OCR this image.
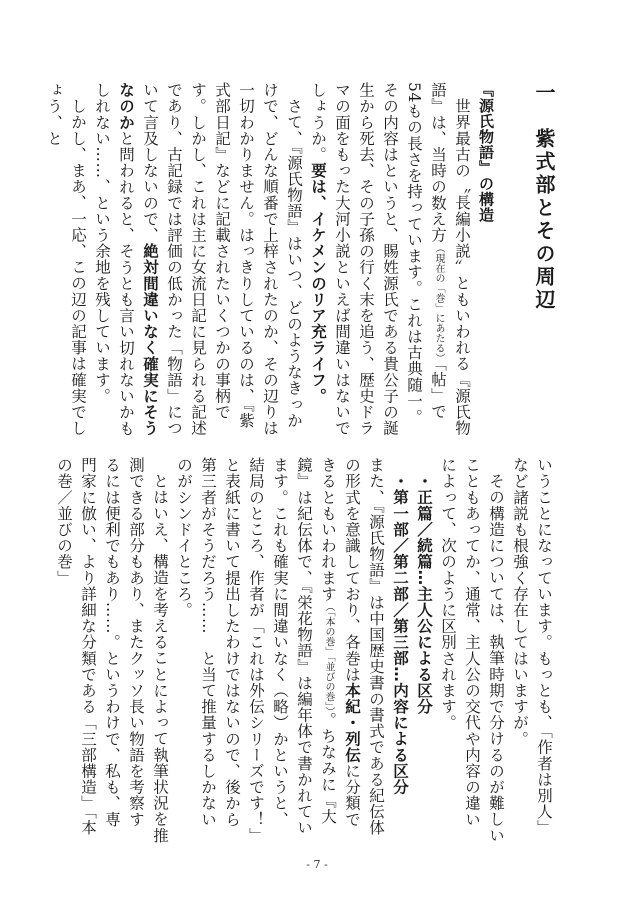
一　紫式部とその周辺

『源氏物語』の構造

世界最古の〝長編小説〟ともいわれる『源氏物語』は、当時の数え方（現在の「巻」にあたる）「帖」で54もの長さを持っています。これは古典随一。その内容はというと、賜姓源氏である貴公子の誕生から死去、その子孫の行く末を追う、歴史ドラマの面をもった大河小説といえば間違いはないでしょうか。要は、イケメンのリア充ライフ。

さて、『源氏物語』はいつ、どのようなきっかけで、どんな順番で上梓されたのか、その辺りは一切わかりません。はっきりしているのは、『紫式部日記』などに記載されたいくつかの事柄です。しかし、これは主に女流日記に見られる記述であり、古記録では評価の低かった「物語」について言及しないので、絶対間違いなく確実にそうなのかと問われると、そうとも言い切れないかもしれない……、という余地を残しています。

しかし、まあ、一応、この辺の記事は確実でしょう、と

いうことになっています。もっとも、「作者は別人」など諸説も根強く存在してはいますが。

その構造については、執筆時期で分けるのが難しいこともあってか、通常、主人公の交代や内容の違いによって、次のように区別されます。

・正篇／続篇…主人公による区分

・第一部／第二部／第三部…内容による区分

また、『源氏物語』は中国歴史書の書式である紀伝体の形式を意識しており、各巻は本紀・列伝に分類できるともいわれます（「本の巻」「並びの巻」）。ちなみに『大鏡』は紀伝体で、『栄花物語』は編年体で書かれています。これも確実に間違いなく（略）かというと、結局のところ、作者が「これは外伝シリーズです！」と表紙に書いて提出したわけではないので、後から第三者がそうだろう……　と当て推量するしかないのがシンドイところ。

とはいえ、構造を考えることによって執筆状況を推測できる部分もあり、またクッソ長い物語を考察するには便利でもあり……。というわけで、私も、専門家に倣い、より詳細な分類である「三部構造」「本の巻／並びの巻」

- 7 -
